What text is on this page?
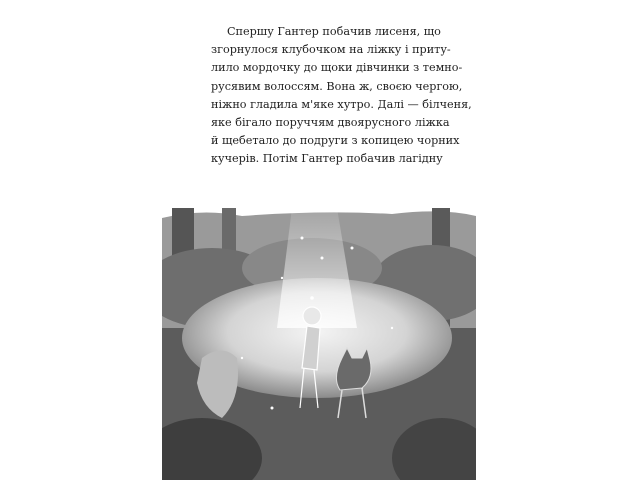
Спершу Гантер побачив лисеня, що
згорнулося клубочком на ліжку і приту-
лило мордочку до щоки дівчинки з темно-
русявим волоссям. Вона ж, своєю чергою,
ніжно гладила м'яке хутро. Далі — білченя,
яке бігало поруччям двоярусного ліжка
й щебетало до подруги з копицею чорних
кучерів. Потім Гантер побачив лагідну
